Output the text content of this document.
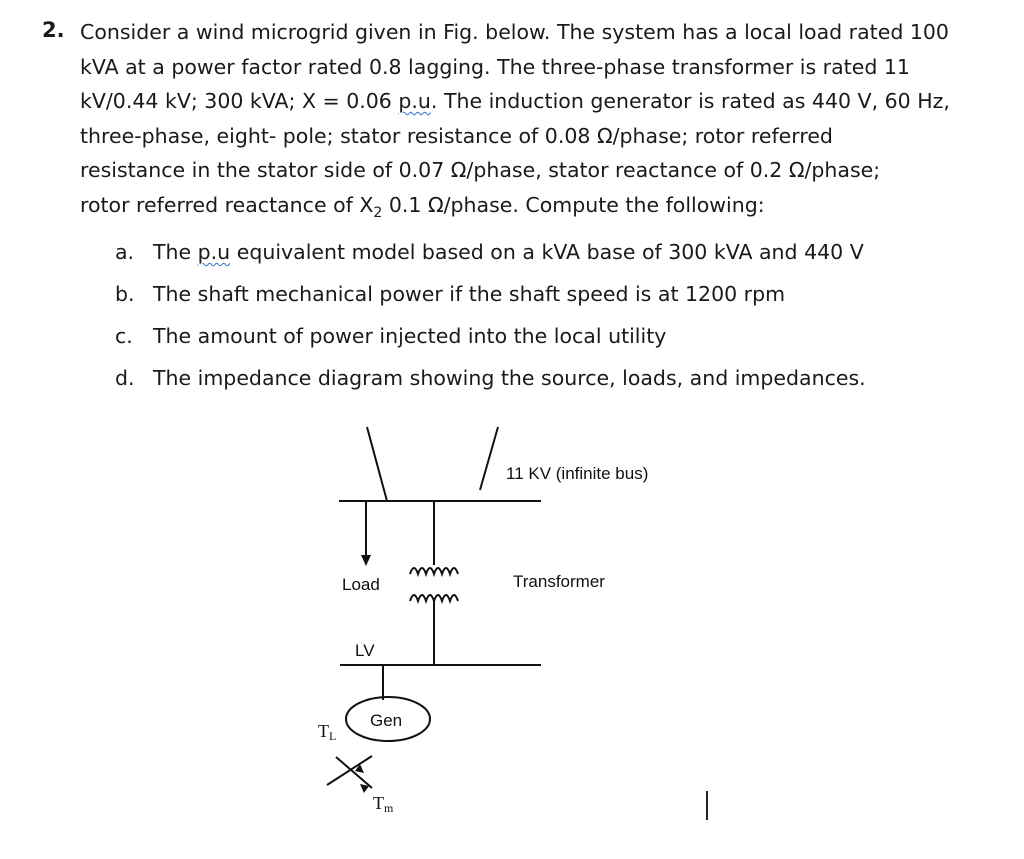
2. Consider a wind microgrid given in Fig. below. The system has a local load rated 100
kVA at a power factor rated 0.8 lagging. The three-phase transformer is rated 11
kV/0.44 kV; 300 kVA; X = 0.06 p.u. The induction generator is rated as 440 V, 60 Hz,
three-phase, eight- pole; stator resistance of 0.08 Ω/phase; rotor referred
resistance in the stator side of 0.07 Ω/phase, stator reactance of 0.2 Ω/phase;
rotor referred reactance of $X_2$ 0.1 Ω/phase. Compute the following:
a. The p.u equivalent model based on a kVA base of 300 kVA and 440 V
b. The shaft mechanical power if the shaft speed is at 1200 rpm
c. The amount of power injected into the local utility
d. The impedance diagram showing the source, loads, and impedances.
11 KV (infinite bus)
Transformer
Load
LV
Gen
TL
Tm
